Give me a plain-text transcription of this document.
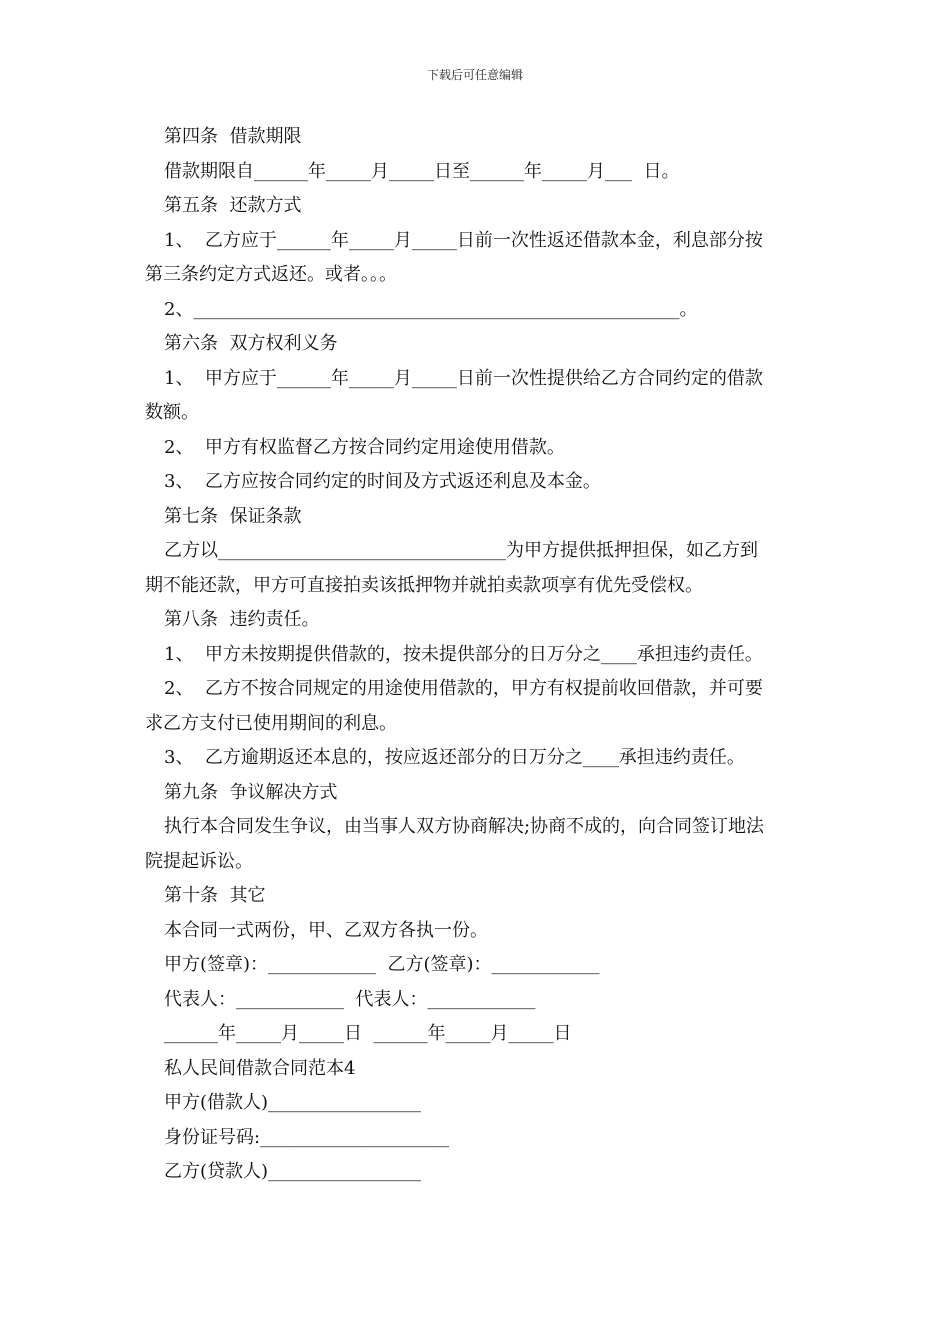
下载后可任意编辑

第四条  借款期限

借款期限自______年_____月_____日至______年_____月___  日。

第五条  还款方式

1、  乙方应于______年_____月_____日前一次性返还借款本金，利息部分按

第三条约定方式返还。或者。。。

2、______________________________________________________。

第六条  双方权利义务

1、  甲方应于______年_____月_____日前一次性提供给乙方合同约定的借款

数额。

2、  甲方有权监督乙方按合同约定用途使用借款。

3、  乙方应按合同约定的时间及方式返还利息及本金。

第七条  保证条款

乙方以________________________________为甲方提供抵押担保，如乙方到

期不能还款，甲方可直接拍卖该抵押物并就拍卖款项享有优先受偿权。

第八条  违约责任。

1、  甲方未按期提供借款的，按未提供部分的日万分之____承担违约责任。

2、  乙方不按合同规定的用途使用借款的，甲方有权提前收回借款，并可要

求乙方支付已使用期间的利息。

3、  乙方逾期返还本息的，按应返还部分的日万分之____承担违约责任。

第九条  争议解决方式

执行本合同发生争议，由当事人双方协商解决;协商不成的，向合同签订地法

院提起诉讼。

第十条  其它

本合同一式两份，甲、乙双方各执一份。

甲方(签章)：____________  乙方(签章)：____________

代表人：____________  代表人：____________

______年_____月_____日  ______年_____月_____日

私人民间借款合同范本4

甲方(借款人)_________________

身份证号码:_____________________

乙方(贷款人)_________________
